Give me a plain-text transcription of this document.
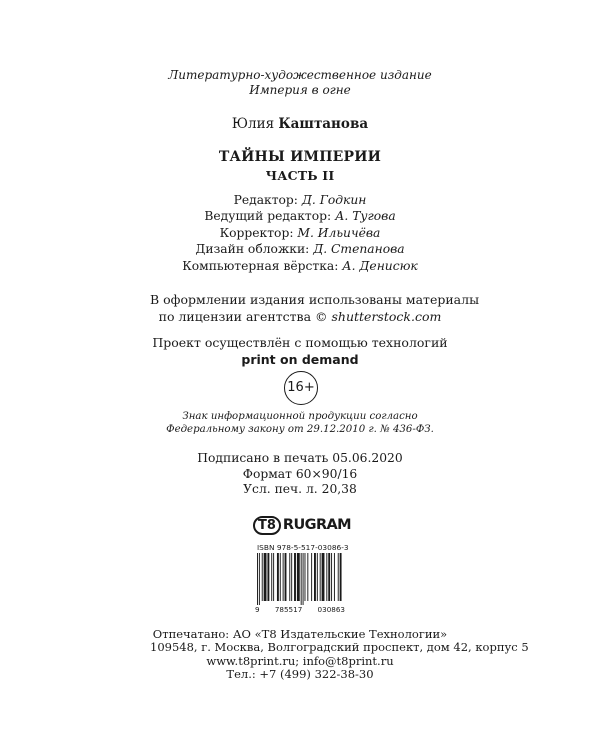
Литературно-художественное издание
Империя в огне
Юлия Каштанова
ТАЙНЫ ИМПЕРИИ
ЧАСТЬ II
Редактор: Д. Годкин
Ведущий редактор: А. Тугова
Корректор: М. Ильичёва
Дизайн обложки: Д. Степанова
Компьютерная вёрстка: А. Денисюк
В оформлении издания использованы материалы
по лицензии агентства © shutterstock.com
Проект осуществлён с помощью технологий
print on demand
16+
Знак информационной продукции согласно
Федеральному закону от 29.12.2010 г. № 436-ФЗ.
Подписано в печать 05.06.2020
Формат 60×90/16
Усл. печ. л. 20,38
T8 RUGRAM
ISBN 978-5-517-03086-3
9 785517 030863
Отпечатано: АО «Т8 Издательские Технологии»
109548, г. Москва, Волгоградский проспект, дом 42, корпус 5
www.t8print.ru; info@t8print.ru
Тел.: +7 (499) 322-38-30
